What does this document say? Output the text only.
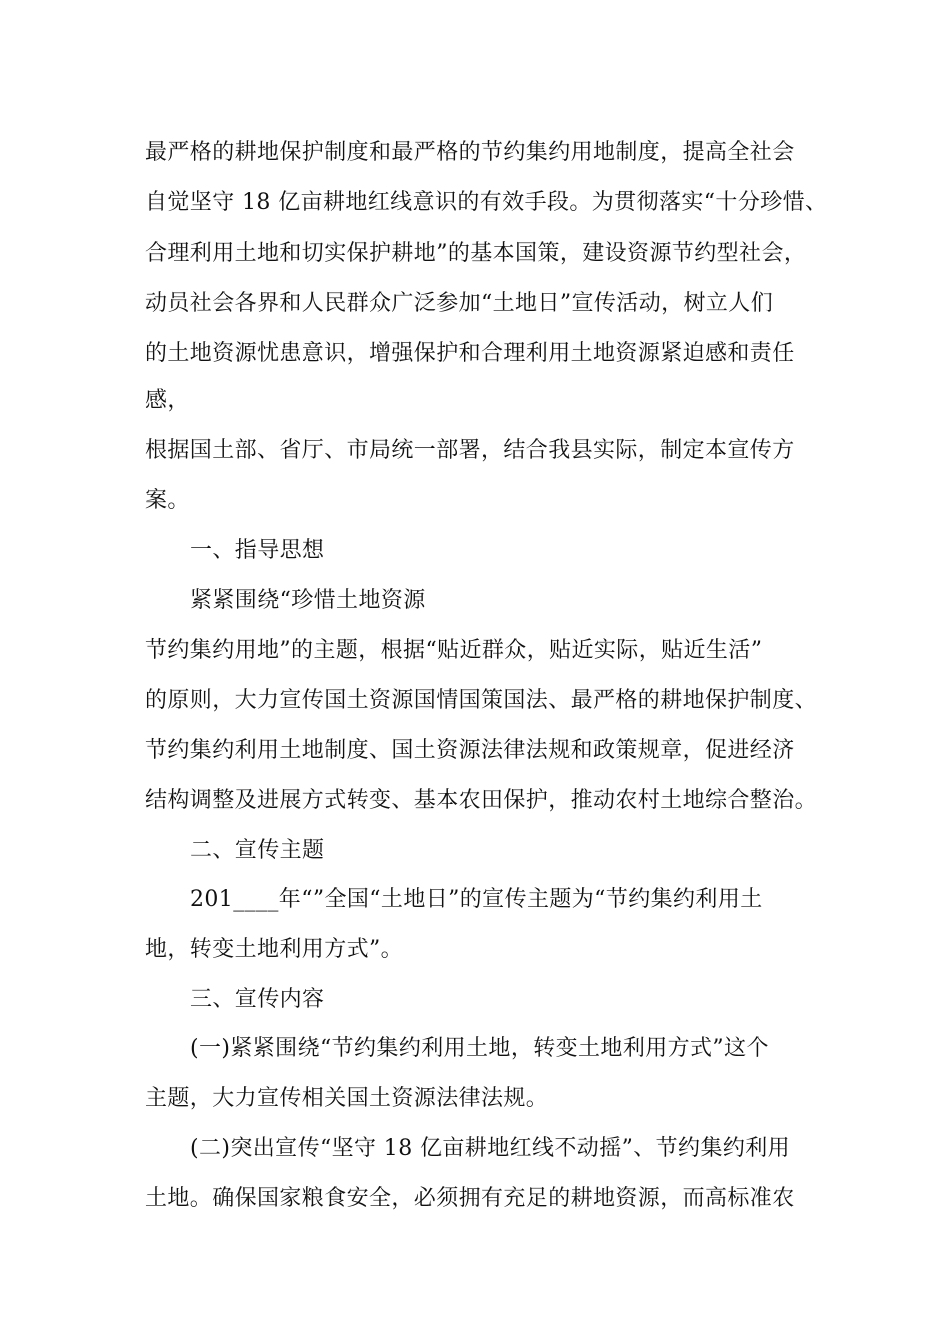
最严格的耕地保护制度和最严格的节约集约用地制度，提高全社会
自觉坚守 18 亿亩耕地红线意识的有效手段。为贯彻落实“十分珍惜、
合理利用土地和切实保护耕地”的基本国策，建设资源节约型社会，
动员社会各界和人民群众广泛参加“土地日”宣传活动，树立人们
的土地资源忧患意识，增强保护和合理利用土地资源紧迫感和责任
感，
根据国土部、省厅、市局统一部署，结合我县实际，制定本宣传方
案。
一、指导思想
紧紧围绕“珍惜土地资源
节约集约用地”的主题，根据“贴近群众，贴近实际，贴近生活”
的原则，大力宣传国土资源国情国策国法、最严格的耕地保护制度、
节约集约利用土地制度、国土资源法律法规和政策规章，促进经济
结构调整及进展方式转变、基本农田保护，推动农村土地综合整治。
二、宣传主题
201____年“”全国“土地日”的宣传主题为“节约集约利用土
地，转变土地利用方式”。
三、宣传内容
(一)紧紧围绕“节约集约利用土地，转变土地利用方式”这个
主题，大力宣传相关国土资源法律法规。
(二)突出宣传“坚守 18 亿亩耕地红线不动摇”、节约集约利用
土地。确保国家粮食安全，必须拥有充足的耕地资源，而高标准农
